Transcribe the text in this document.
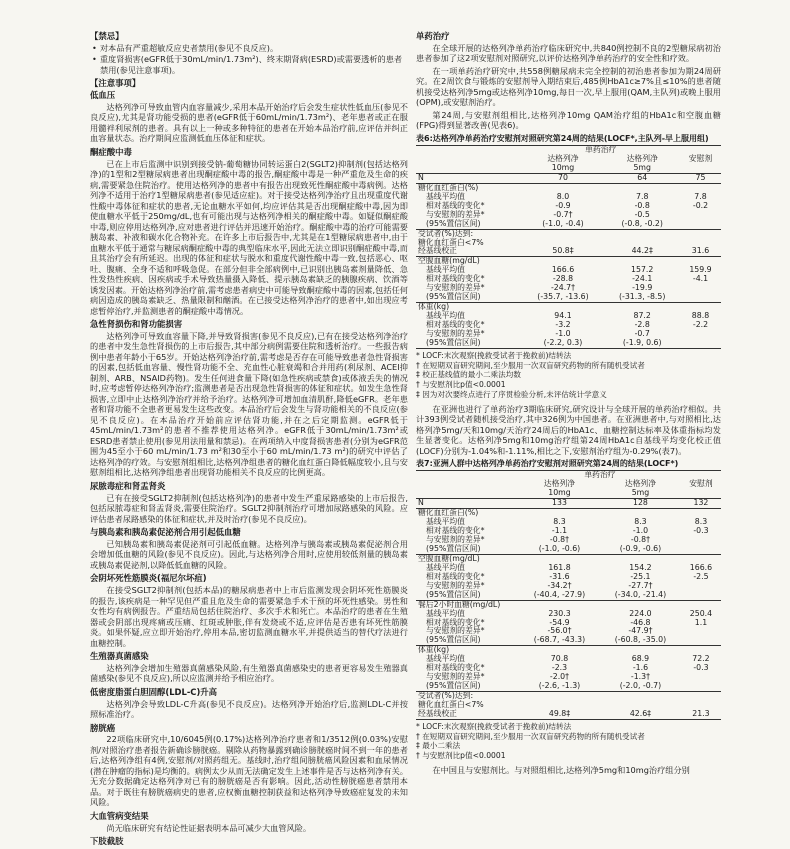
【禁忌】
• 对本品有严重超敏反应史者禁用(参见不良反应)。
• 重度肾损害(eGFR低于30mL/min/1.73m²)、终末期肾病(ESRD)或需要透析的患者禁用(参见注意事项)。
【注意事项】
低血压
达格列净可导致血管内血容量减少,采用本品开始治疗后会发生症状性低血压(参见不良反应),尤其是肾功能受损的患者(eGFR低于60mL/min/1.73m²)、老年患者或正在服用髓袢利尿剂的患者。具有以上一种或多种特征的患者在开始本品治疗前,应评估并纠正血容量状态。治疗期间应监测低血压体征和症状。
酮症酸中毒
已在上市后监测中识别到接受钠-葡萄糖协同转运蛋白2(SGLT2)抑制剂(包括达格列净)的1型和2型糖尿病患者出现酮症酸中毒的报告,酮症酸中毒是一种严重危及生命的疾病,需要紧急住院治疗。使用达格列净的患者中有报告出现致死性酮症酸中毒病例。达格列净不适用于治疗1型糖尿病患者(参见适应症)。对于接受达格列净治疗且出现重度代谢性酸中毒体征和症状的患者,无论血糖水平如何,均应评估其是否出现酮症酸中毒,因为即使血糖水平低于250mg/dL,也有可能出现与达格列净相关的酮症酸中毒。如疑似酮症酸中毒,则应停用达格列净,应对患者进行评估并迅速开始治疗。酮症酸中毒的治疗可能需要胰岛素、补液和碳水化合物补充。在许多上市后报告中,尤其是在1型糖尿病患者中,由于血糖水平低于通常与糖尿病酮症酸中毒的典型临床水平,因此无法立即识别酮症酸中毒,而且其治疗会有所延迟。出现的体征和症状与脱水和重度代谢性酸中毒一致,包括恶心、呕吐、腹痛、全身不适和呼吸急促。在部分但非全部病例中,已识别出胰岛素剂量降低、急性发热性疾病、因疾病或手术导致热量摄入降低、提示胰岛素缺乏的胰腺疾病、饮酒等诱发因素。开始达格列净治疗前,需考虑患者病史中可能导致酮症酸中毒的因素,包括任何病因造成的胰岛素缺乏、热量限制和酗酒。在已接受达格列净治疗的患者中,如出现应考虑暂停治疗,并监测患者的酮症酸中毒情况。
急性肾损伤和肾功能损害
达格列净可导致血容量下降,并导致肾损害(参见不良反应),已有在接受达格列净治疗的患者中发生急性肾损伤的上市后报告,其中部分病例需要住院和透析治疗。一些报告病例中患者年龄小于65岁。开始达格列净治疗前,需考虑是否存在可能导致患者急性肾损害的因素,包括低血容量、慢性肾功能不全、充血性心脏衰竭和合并用药(利尿剂、ACEI抑制剂、ARB、NSAID药物)。发生任何进食量下降(如急性疾病或禁食)或体液丢失的情况时,应考虑暂停达格列净治疗;监测患者是否出现急性肾损害的体征和症状。如发生急性肾损害,立即中止达格列净治疗并给予治疗。达格列净可增加血清肌酐,降低eGFR。老年患者和肾功能不全患者更易发生这些改变。本品治疗后会发生与肾功能相关的不良反应(参见不良反应)。在本品治疗开始前应评估肾功能,并在之后定期监测。eGFR低于45mL/min/1.73m²的患者不推荐使用达格列净。eGFR低于30mL/min/1.73m²或ESRD患者禁止使用(参见用法用量和禁忌)。在两项纳入中度肾损害患者(分别为eGFR范围为45至小于60 mL/min/1.73 m²和30至小于60 mL/min/1.73 m²)的研究中评估了达格列净的疗效。与安慰剂组相比,达格列净组患者的糖化血红蛋白降低幅度较小,且与安慰剂组相比,达格列净组患者出现肾功能相关不良反应的比例更高。
尿脓毒症和肾盂肾炎
已有在接受SGLT2抑制剂(包括达格列净)的患者中发生严重尿路感染的上市后报告,包括尿脓毒症和肾盂肾炎,需要住院治疗。SGLT2抑制剂治疗可增加尿路感染的风险。应评估患者尿路感染的体征和症状,并及时治疗(参见不良反应)。
与胰岛素和胰岛素促泌剂合用引起低血糖
已知胰岛素和胰岛素促泌剂可引起低血糖。达格列净与胰岛素或胰岛素促泌剂合用会增加低血糖的风险(参见不良反应)。因此,与达格列净合用时,应使用较低剂量的胰岛素或胰岛素促泌剂,以降低低血糖的风险。
会阴坏死性筋膜炎(福尼尔坏疽)
在接受SGLT2抑制剂(包括本品)的糖尿病患者中上市后监测发现会阴坏死性筋膜炎的报告,该疾病是一种罕见但严重且危及生命的需要紧急手术干预的坏死性感染。男性和女性均有病例报告。严重结局包括住院治疗、多次手术和死亡。本品治疗的患者在生殖器或会阴部出现疼痛或压痛、红斑或肿胀,伴有发烧或不适,应评估是否患有坏死性筋膜炎。如果怀疑,应立即开始治疗,停用本品,密切监测血糖水平,并提供适当的替代疗法进行血糖控制。
生殖器真菌感染
达格列净会增加生殖器真菌感染风险,有生殖器真菌感染史的患者更容易发生殖器真菌感染(参见不良反应),所以应监测并给予相应治疗。
低密度脂蛋白胆固醇(LDL-C)升高
达格列净会导致LDL-C升高(参见不良反应)。达格列净开始治疗后,监测LDL-C并按照标准治疗。
膀胱癌
22项临床研究中,10/6045例(0.17%)达格列净治疗患者和1/3512例(0.03%)安慰剂/对照治疗患者报告新确诊膀胱癌。剔除从药物暴露到确诊膀胱癌时间不到一年的患者后,达格列净组有4例,安慰剂/对照药组无。基线时,治疗组间膀胱癌风险因素和血尿情况(潜在肿瘤的指标)是均衡的。病例太少从而无法确定发生上述事件是否与达格列净有关。无充分数据确定达格列净对已有的膀胱癌是否有影响。因此,活动性膀胱癌患者禁用本品。对于既往有膀胱癌病史的患者,应权衡血糖控制获益和达格列净导致癌症复发的未知风险。
大血管病变结果
尚无临床研究有结论性证据表明本品可减少大血管风险。
下肢截肢
单药治疗
在全球开展的达格列净单药治疗临床研究中,共840例控制不良的2型糖尿病初治患者参加了这2项安慰剂对照研究,以评价达格列净单药治疗的安全性和疗效。
在一项单药治疗研究中,共558例糖尿病未完全控制的初治患者参加为期24周研究。在2周饮食与锻炼的安慰剂导入期结束后,485例HbA1c≥7%且≤10%的患者随机接受达格列净5mg或达格列净10mg,每日一次,早上服用(QAM,主队列)或晚上服用(OPM),或安慰剂治疗。
第24周,与安慰剂组相比,达格列净10mg QAM治疗组的HbA1c和空腹血糖(FPG)得到显著改善(见表6)。
表6:达格列净单药治疗安慰剂对照研究第24周的结果(LOCF*,主队列-早上服用组)
	单药治疗		
	达格列净
10mg	达格列净
5mg	安慰剂
N	70	64	75
糖化血红蛋白(%)			
基线平均值	8.0	7.8	7.8
相对基线的变化*	-0.9	-0.8	-0.2
与安慰剂的差异*	-0.7†	-0.5	
(95%置信区间)	(-1.0, -0.4)	(-0.8, -0.2)	
受试者(%)达到:			
糖化血红蛋白<7%			
经基线校正	50.8‡	44.2‡	31.6
空腹血糖(mg/dL)			
基线平均值	166.6	157.2	159.9
相对基线的变化*	-28.8	-24.1	-4.1
与安慰剂的差异*	-24.7†	-19.9	
(95%置信区间)	(-35.7, -13.6)	(-31.3, -8.5)	
体重(kg)			
基线平均值	94.1	87.2	88.8
相对基线的变化*	-3.2	-2.8	-2.2
与安慰剂的差异*	-1.0	-0.7	
(95%置信区间)	(-2.2, 0.3)	(-1.9, 0.6)	
* LOCF:末次观察(挽救受试者于挽救前)结转法
† 在短期双盲研究期间,至少服用一次双盲研究药物的所有随机受试者
‡ 校正基线值的最小二乘法均数
† 与安慰剂比p值<0.0001
‡ 因为对次要终点进行了序贯检验分析,未评估统计学意义
在亚洲也进行了单药治疗3期临床研究,研究设计与全球开展的单药治疗相似。共计393例受试者随机接受治疗,其中326例为中国患者。在亚洲患者中,与对照相比,达格列净5mg/天和10mg/天治疗24周后的HbA1c、血糖控制达标率及体重指标均发生显著变化。达格列净5mg和10mg治疗组第24周HbA1c自基线平均变化校正值(LOCF)分别为-1.04%和-1.11%,相比之下,安慰剂治疗组为-0.29%(表7)。
表7:亚洲人群中达格列净单药治疗安慰剂对照研究第24周的结果(LOCF*)
	单药治疗		
	达格列净
10mg	达格列净
5mg	安慰剂
N	133	128	132
糖化血红蛋白(%)			
基线平均值	8.3	8.3	8.3
相对基线的变化*	-1.1	-1.0	-0.3
与安慰剂的差异*	-0.8†	-0.8†	
(95%置信区间)	(-1.0, -0.6)	(-0.9, -0.6)	
空腹血糖(mg/dL)			
基线平均值	161.8	154.2	166.6
相对基线的变化*	-31.6	-25.1	-2.5
与安慰剂的差异*	-34.2†	-27.7†	
(95%置信区间)	(-40.4, -27.9)	(-34.0, -21.4)	
餐后2小时血糖(mg/dL)			
基线平均值	230.3	224.0	250.4
相对基线的变化*	-54.9	-46.8	1.1
与安慰剂的差异*	-56.0†	-47.9†	
(95%置信区间)	(-68.7, -43.3)	(-60.8, -35.0)	
体重(kg)			
基线平均值	70.8	68.9	72.2
相对基线的变化*	-2.3	-1.6	-0.3
与安慰剂的差异*	-2.0†	-1.3†	
(95%置信区间)	(-2.6, -1.3)	(-2.0, -0.7)	
受试者(%)达到:			
糖化血红蛋白<7%			
经基线校正	49.8‡	42.6‡	21.3
* LOCF:末次观察(挽救受试者于挽救前)结转法
† 在短期双盲研究期间,至少服用一次双盲研究药物的所有随机受试者
‡ 最小二乘法
† 与安慰剂比p值<0.0001
在中国且与安慰剂比。与对照组相比,达格列净5mg和10mg治疗组分别
